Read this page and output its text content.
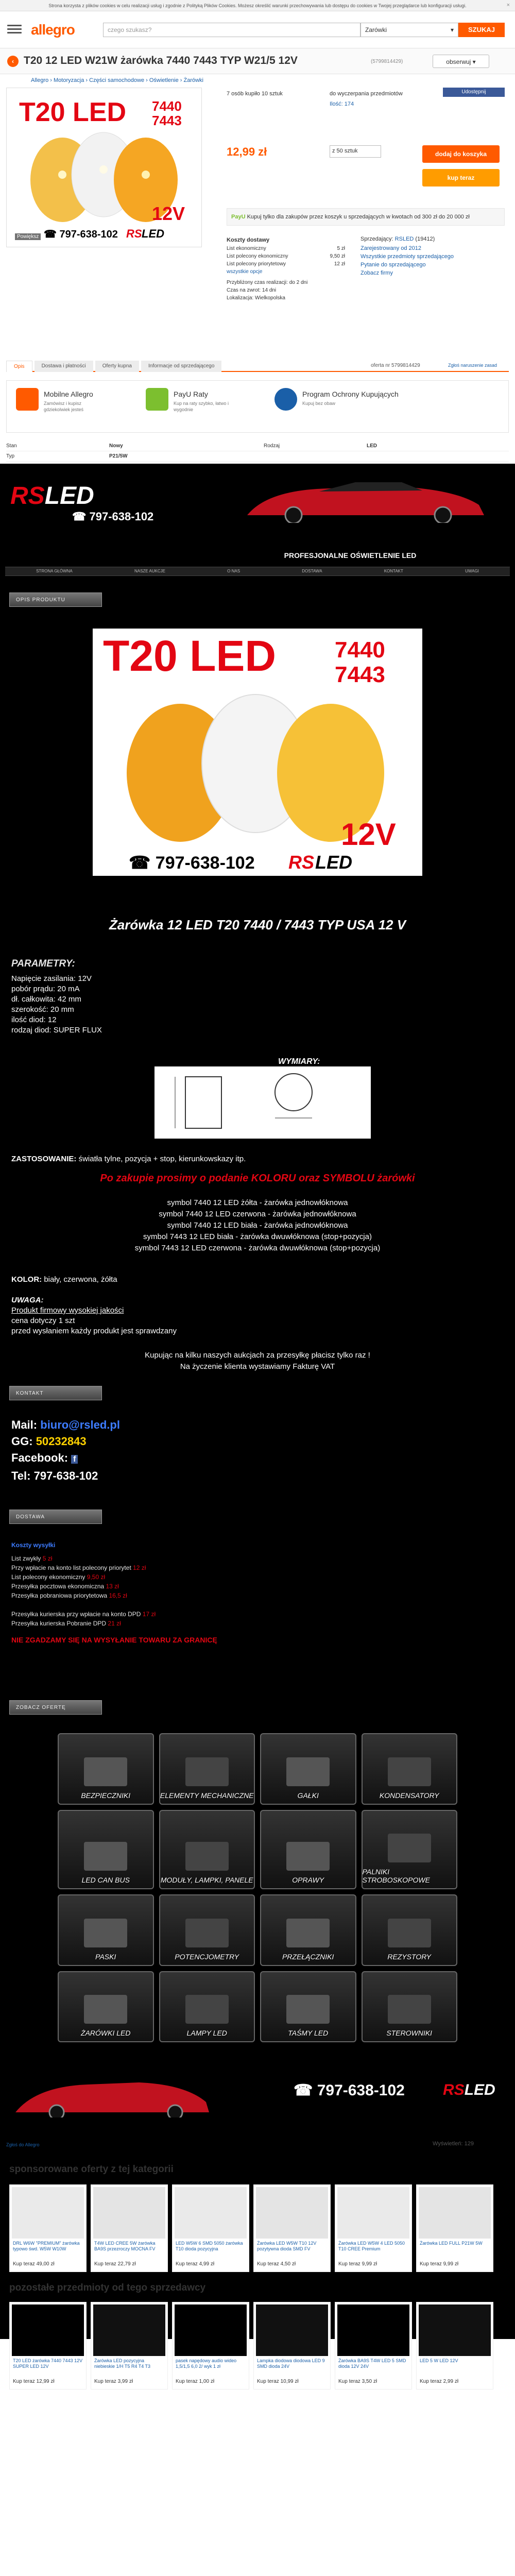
Strona korzysta z plików cookies w celu realizacji usług i zgodnie z Polityką Plików Cookies. Możesz określić warunki przechowywania lub dostępu do cookies w Twojej przeglądarce lub konfiguracji usługi.	×
allegro	czego szukasz?	Zarówki	▾	SZUKAJ
‹ T20 12 LED W21W żarówka 7440 7443 TYP W21/5 12V	(5799814429)	obserwuj ▾
Allegro › Motoryzacja › Części samochodowe › Oświetlenie › Żarówki
T20 LED 7440
7443
12V
☎ 797-638-102 RS LED
Powiększ
7 osób kupiło 10 sztuk	do wyczerpania przedmiotów	Udostępnij
Ilość: 174
12,99 zł	z 50 sztuk	dodaj do koszyka
kup teraz
PayU Kupuj tylko dla zakupów przez koszyk u sprzedających w kwotach od 300 zł do 20 000 zł
Koszty dostawy
List ekonomiczny	5 zł
List polecony ekonomiczny	9,50 zł
List polecony priorytetowy	12 zł
wszystkie opcje
Przybliżony czas realizacji: do 2 dni
Czas na zwrot: 14 dni
Lokalizacja: Wielkopolska
Sprzedający: RSLED (19412)
Zarejestrowany od 2012
Wszystkie przedmioty sprzedającego
Pytanie do sprzedającego
Zobacz firmy
Opis	Dostawa i płatności	Oferty kupna	Informacje od sprzedającego	oferta nr 5799814429	Zgłoś naruszenie zasad
Mobilne Allegro
Zamówisz i kupisz gdziekolwiek jesteś
PayU Raty
Kup na raty szybko, łatwo i wygodnie
Program Ochrony Kupujących
Kupuj bez obaw
Stan	Nowy	Rodzaj	LED
Typ	P21/5W
RSLED
☎ 797-638-102
PROFESJONALNE OŚWIETLENIE LED
STRONA GŁÓWNA	NASZE AUKCJE	O NAS	DOSTAWA	KONTAKT	UWAGI
OPIS PRODUKTU
T20 LED	7440
7443
12V
☎ 797-638-102 RS LED
Żarówka 12 LED T20 7440 / 7443 TYP USA 12 V
PARAMETRY:
Napięcie zasilania: 12V
pobór prądu: 20 mA
dł. całkowita: 42 mm
szerokość: 20 mm
ilość diod: 12
rodzaj diod: SUPER FLUX
WYMIARY:
ZASTOSOWANIE: światła tylne, pozycja + stop, kierunkowskazy itp.
Po zakupie prosimy o podanie KOLORU oraz SYMBOLU żarówki
symbol 7440 12 LED żółta - żarówka jednowłóknowa
symbol 7440 12 LED czerwona - żarówka jednowłóknowa
symbol 7440 12 LED biała - żarówka jednowłóknowa
symbol 7443 12 LED biała - żarówka dwuwłóknowa (stop+pozycja)
symbol 7443 12 LED czerwona - żarówka dwuwłóknowa (stop+pozycja)
KOLOR: biały, czerwona, żółta
UWAGA:
Produkt firmowy wysokiej jakości
cena dotyczy 1 szt
przed wysłaniem każdy produkt jest sprawdzany
Kupując na kilku naszych aukcjach za przesyłkę płacisz tylko raz !
Na życzenie klienta wystawiamy Fakturę VAT
KONTAKT
Mail: biuro@rsled.pl
GG: 50232843
Facebook: f
Tel: 797-638-102
DOSTAWA
Koszty wysyłki
List zwykły 5 zł
Przy wpłacie na konto list polecony priorytet 12 zł
List polecony ekonomiczny 9,50 zł
Przesyłka pocztowa ekonomiczna 13 zł
Przesyłka pobraniowa priorytetowa 16,5 zł

Przesyłka kurierska przy wpłacie na konto DPD 17 zł
Przesyłka kurierska Pobranie DPD 21 zł
NIE ZGADZAMY SIĘ NA WYSYŁANIE TOWARU ZA GRANICĘ
ZOBACZ OFERTĘ
BEZPIECZNIKI	ELEMENTY MECHANICZNE	GAŁKI	KONDENSATORY
LED CAN BUS	MODUŁY, LAMPKI, PANELE	OPRAWY
PALNIKI STROBOSKOPOWE
PASKI	POTENCJOMETRY	PRZEŁĄCZNIKI	REZYSTORY
ŻARÓWKI LED	LAMPY LED	TAŚMY LED	STEROWNIKI
☎ 797-638-102 RSLED
Zgłoś do Allegro	Wyświetleń: 129
sponsorowane oferty z tej kategorii
DRL W6W "PREMIUM" żarówka typowo śwd. W5W W10W
Kup teraz 49,00 zł
T4W LED CREE 5W żarówka BA9S przezroczy MOCNA FV
Kup teraz 22,79 zł
LED W5W 6 SMD 5050 żarówka T10 dioda pozycyjna
Kup teraz 4,99 zł
Żarówka LED W5W T10 12V pozytywna dioda SMD FV
Kup teraz 4,50 zł
Żarówka LED W5W 4 LED 5050 T10 CREE Premium
Kup teraz 9,99 zł
Żarówka LED FULL P21W 5W
Kup teraz 9,99 zł
pozostałe przedmioty od tego sprzedawcy
T20 LED żarówka 7440 7443 12V SUPER LED 12V
Kup teraz 12,99 zł
Żarówka LED pozycyjna niebieskie 1/H T5 R4 T4 T3
Kup teraz 3,99 zł
pasek napędowy audio wideo 1,5/1,5 6,0 2/ wyk 1 zł
Kup teraz 1,00 zł
Lampka diodowa diodowa LED 9 SMD dioda 24V
Kup teraz 10,99 zł
Żarówka BA9S T4W LED 5 SMD dioda 12V 24V
Kup teraz 3,50 zł
LED 5 W LED 12V
Kup teraz 2,99 zł
